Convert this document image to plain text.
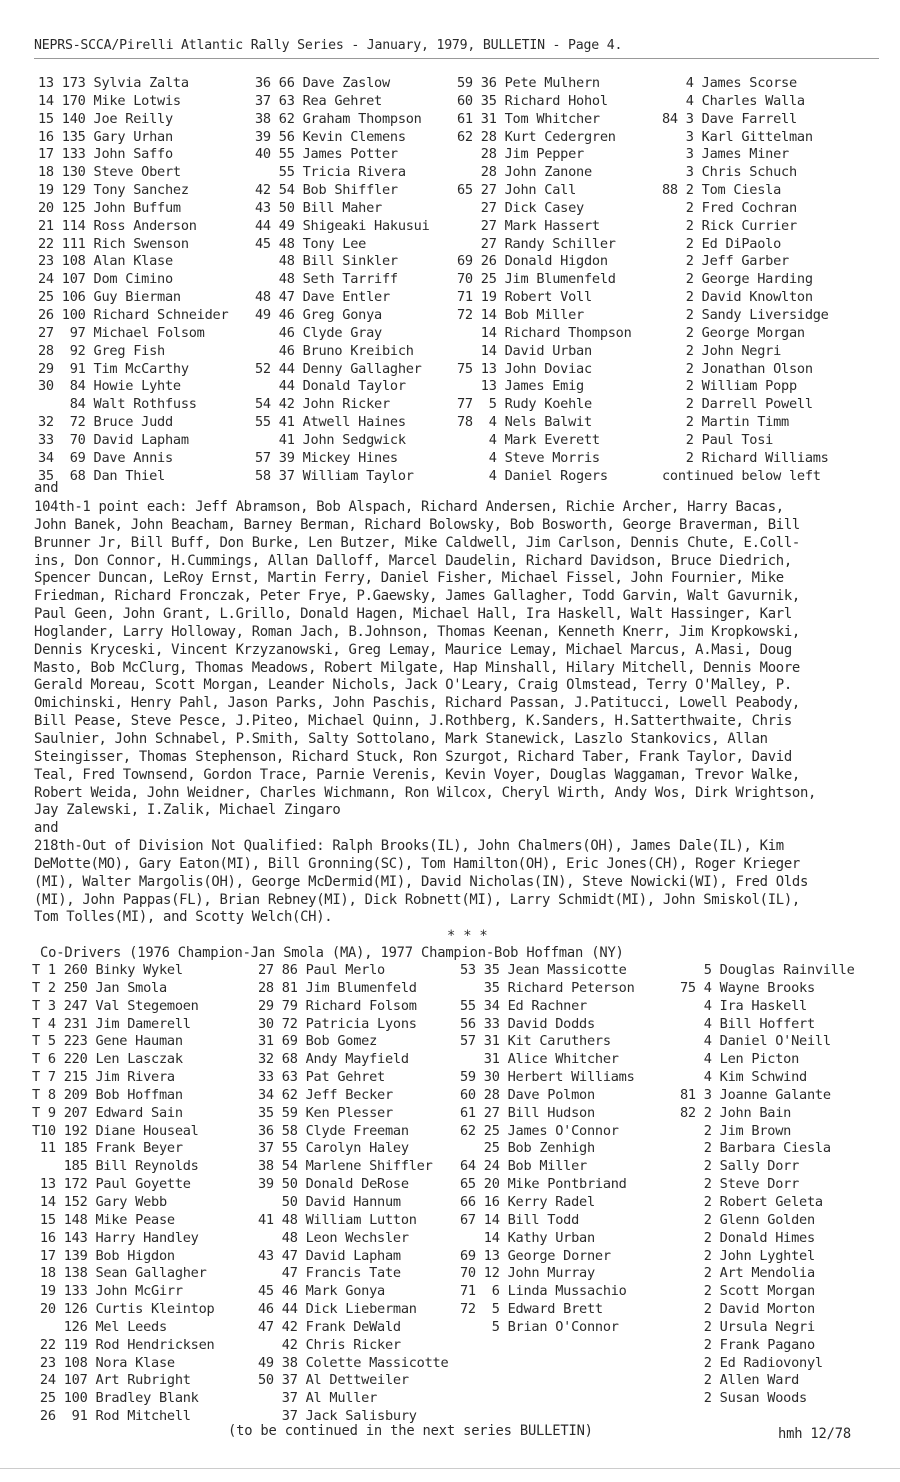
NEPRS-SCCA/Pirelli Atlantic Rally Series - January, 1979, BULLETIN - Page 4.
13 173 Sylvia Zalta
14 170 Mike Lotwis
15 140 Joe Reilly
16 135 Gary Urhan
17 133 John Saffo
18 130 Steve Obert
19 129 Tony Sanchez
20 125 John Buffum
21 114 Ross Anderson
22 111 Rich Swenson
23 108 Alan Klase
24 107 Dom Cimino
25 106 Guy Bierman
26 100 Richard Schneider
27  97 Michael Folsom
28  92 Greg Fish
29  91 Tim McCarthy
30  84 Howie Lyhte
84 Walt Rothfuss
32  72 Bruce Judd
33  70 David Lapham
34  69 Dave Annis
35  68 Dan Thiel
36 66 Dave Zaslow
37 63 Rea Gehret
38 62 Graham Thompson
39 56 Kevin Clemens
40 55 James Potter
55 Tricia Rivera
42 54 Bob Shiffler
43 50 Bill Maher
44 49 Shigeaki Hakusui
45 48 Tony Lee
48 Bill Sinkler
48 Seth Tarriff
48 47 Dave Entler
49 46 Greg Gonya
46 Clyde Gray
46 Bruno Kreibich
52 44 Denny Gallagher
44 Donald Taylor
54 42 John Ricker
55 41 Atwell Haines
41 John Sedgwick
57 39 Mickey Hines
58 37 William Taylor
59 36 Pete Mulhern
60 35 Richard Hohol
61 31 Tom Whitcher
62 28 Kurt Cedergren
28 Jim Pepper
28 John Zanone
65 27 John Call
27 Dick Casey
27 Mark Hassert
27 Randy Schiller
69 26 Donald Higdon
70 25 Jim Blumenfeld
71 19 Robert Voll
72 14 Bob Miller
14 Richard Thompson
14 David Urban
75 13 John Doviac
13 James Emig
77  5 Rudy Koehle
78  4 Nels Balwit
4 Mark Everett
4 Steve Morris
4 Daniel Rogers
4 James Scorse
4 Charles Walla
84 3 Dave Farrell
3 Karl Gittelman
3 James Miner
3 Chris Schuch
88 2 Tom Ciesla
2 Fred Cochran
2 Rick Currier
2 Ed DiPaolo
2 Jeff Garber
2 George Harding
2 David Knowlton
2 Sandy Liversidge
2 George Morgan
2 John Negri
2 Jonathan Olson
2 William Popp
2 Darrell Powell
2 Martin Timm
2 Paul Tosi
2 Richard Williams
continued below left
and
104th-1 point each: Jeff Abramson, Bob Alspach, Richard Andersen, Richie Archer, Harry Bacas,
John Banek, John Beacham, Barney Berman, Richard Bolowsky, Bob Bosworth, George Braverman, Bill
Brunner Jr, Bill Buff, Don Burke, Len Butzer, Mike Caldwell, Jim Carlson, Dennis Chute, E.Coll-
ins, Don Connor, H.Cummings, Allan Dalloff, Marcel Daudelin, Richard Davidson, Bruce Diedrich,
Spencer Duncan, LeRoy Ernst, Martin Ferry, Daniel Fisher, Michael Fissel, John Fournier, Mike
Friedman, Richard Fronczak, Peter Frye, P.Gaewsky, James Gallagher, Todd Garvin, Walt Gavurnik,
Paul Geen, John Grant, L.Grillo, Donald Hagen, Michael Hall, Ira Haskell, Walt Hassinger, Karl
Hoglander, Larry Holloway, Roman Jach, B.Johnson, Thomas Keenan, Kenneth Knerr, Jim Kropkowski,
Dennis Kryceski, Vincent Krzyzanowski, Greg Lemay, Maurice Lemay, Michael Marcus, A.Masi, Doug
Masto, Bob McClurg, Thomas Meadows, Robert Milgate, Hap Minshall, Hilary Mitchell, Dennis Moore
Gerald Moreau, Scott Morgan, Leander Nichols, Jack O'Leary, Craig Olmstead, Terry O'Malley, P.
Omichinski, Henry Pahl, Jason Parks, John Paschis, Richard Passan, J.Patitucci, Lowell Peabody,
Bill Pease, Steve Pesce, J.Piteo, Michael Quinn, J.Rothberg, K.Sanders, H.Satterthwaite, Chris
Saulnier, John Schnabel, P.Smith, Salty Sottolano, Mark Stanewick, Laszlo Stankovics, Allan
Steingisser, Thomas Stephenson, Richard Stuck, Ron Szurgot, Richard Taber, Frank Taylor, David
Teal, Fred Townsend, Gordon Trace, Parnie Verenis, Kevin Voyer, Douglas Waggaman, Trevor Walke,
Robert Weida, John Weidner, Charles Wichmann, Ron Wilcox, Cheryl Wirth, Andy Wos, Dirk Wrightson,
Jay Zalewski, I.Zalik, Michael Zingaro
and
218th-Out of Division Not Qualified: Ralph Brooks(IL), John Chalmers(OH), James Dale(IL), Kim
DeMotte(MO), Gary Eaton(MI), Bill Gronning(SC), Tom Hamilton(OH), Eric Jones(CH), Roger Krieger
(MI), Walter Margolis(OH), George McDermid(MI), David Nicholas(IN), Steve Nowicki(WI), Fred Olds
(MI), John Pappas(FL), Brian Rebney(MI), Dick Robnett(MI), Larry Schmidt(MI), John Smiskol(IL),
Tom Tolles(MI), and Scotty Welch(CH).
* * *
Co-Drivers (1976 Champion-Jan Smola (MA), 1977 Champion-Bob Hoffman (NY)
T 1 260 Binky Wykel
T 2 250 Jan Smola
T 3 247 Val Stegemoen
T 4 231 Jim Damerell
T 5 223 Gene Hauman
T 6 220 Len Lasczak
T 7 215 Jim Rivera
T 8 209 Bob Hoffman
T 9 207 Edward Sain
T10 192 Diane Houseal
11 185 Frank Beyer
185 Bill Reynolds
13 172 Paul Goyette
14 152 Gary Webb
15 148 Mike Pease
16 143 Harry Handley
17 139 Bob Higdon
18 138 Sean Gallagher
19 133 John McGirr
20 126 Curtis Kleintop
126 Mel Leeds
22 119 Rod Hendricksen
23 108 Nora Klase
24 107 Art Rubright
25 100 Bradley Blank
26  91 Rod Mitchell
27 86 Paul Merlo
28 81 Jim Blumenfeld
29 79 Richard Folsom
30 72 Patricia Lyons
31 69 Bob Gomez
32 68 Andy Mayfield
33 63 Pat Gehret
34 62 Jeff Becker
35 59 Ken Plesser
36 58 Clyde Freeman
37 55 Carolyn Haley
38 54 Marlene Shiffler
39 50 Donald DeRose
50 David Hannum
41 48 William Lutton
48 Leon Wechsler
43 47 David Lapham
47 Francis Tate
45 46 Mark Gonya
46 44 Dick Lieberman
47 42 Frank DeWald
42 Chris Ricker
49 38 Colette Massicotte
50 37 Al Dettweiler
37 Al Muller
37 Jack Salisbury
53 35 Jean Massicotte
35 Richard Peterson
55 34 Ed Rachner
56 33 David Dodds
57 31 Kit Caruthers
31 Alice Whitcher
59 30 Herbert Williams
60 28 Dave Polmon
61 27 Bill Hudson
62 25 James O'Connor
25 Bob Zenhigh
64 24 Bob Miller
65 20 Mike Pontbriand
66 16 Kerry Radel
67 14 Bill Todd
14 Kathy Urban
69 13 George Dorner
70 12 John Murray
71  6 Linda Mussachio
72  5 Edward Brett
5 Brian O'Connor
5 Douglas Rainville
75 4 Wayne Brooks
4 Ira Haskell
4 Bill Hoffert
4 Daniel O'Neill
4 Len Picton
4 Kim Schwind
81 3 Joanne Galante
82 2 John Bain
2 Jim Brown
2 Barbara Ciesla
2 Sally Dorr
2 Steve Dorr
2 Robert Geleta
2 Glenn Golden
2 Donald Himes
2 John Lyghtel
2 Art Mendolia
2 Scott Morgan
2 David Morton
2 Ursula Negri
2 Frank Pagano
2 Ed Radiovonyl
2 Allen Ward
2 Susan Woods
(to be continued in the next series BULLETIN)	hmh 12/78
